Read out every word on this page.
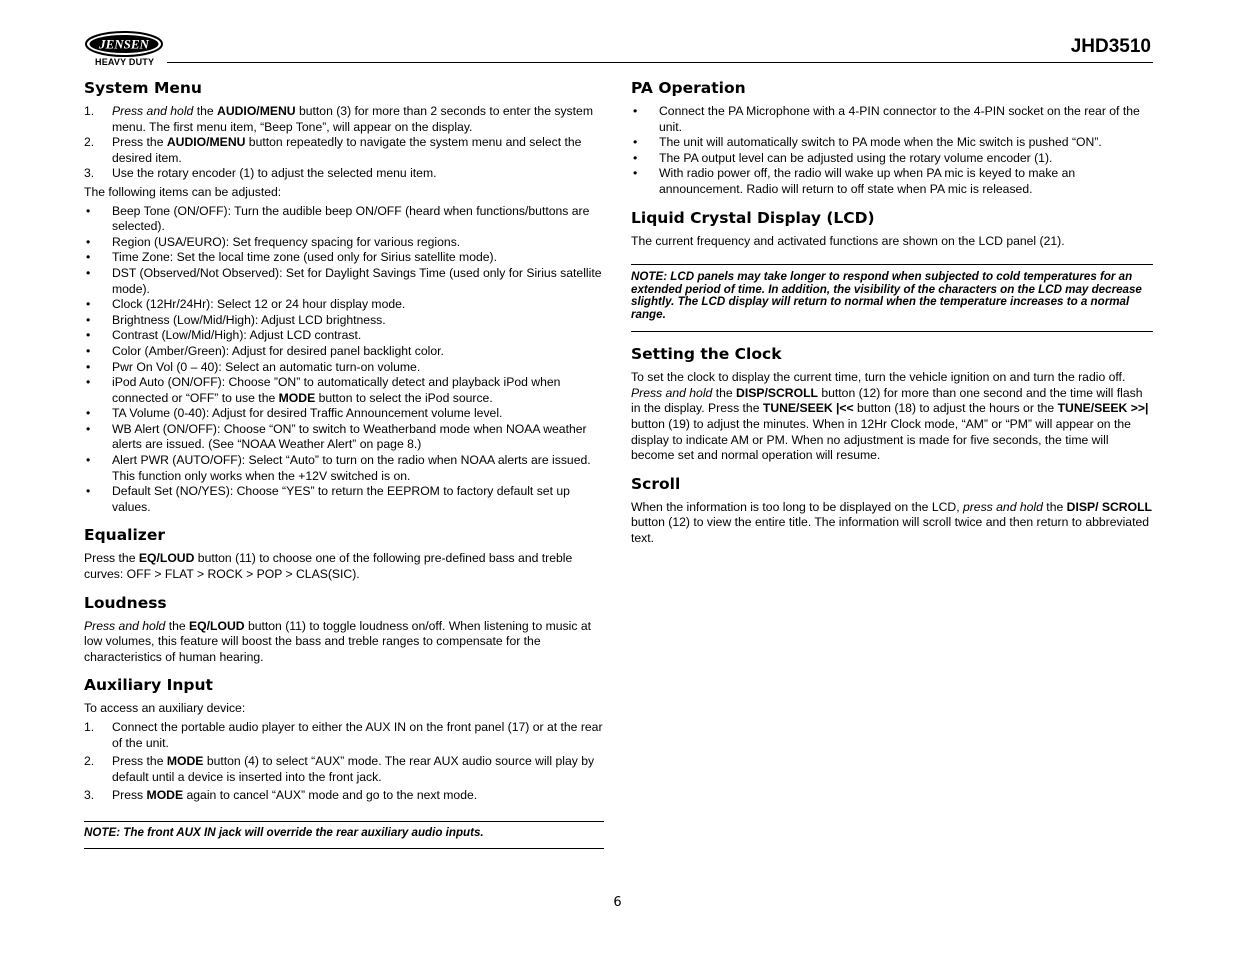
JENSEN
HEAVY DUTY
JHD3510
System Menu
1. Press and hold the AUDIO/MENU button (3) for more than 2 seconds to enter the system menu. The first menu item, “Beep Tone”, will appear on the display.
2. Press the AUDIO/MENU button repeatedly to navigate the system menu and select the desired item.
3. Use the rotary encoder (1) to adjust the selected menu item.

The following items can be adjusted:

• Beep Tone (ON/OFF): Turn the audible beep ON/OFF (heard when functions/buttons are selected).
• Region (USA/EURO): Set frequency spacing for various regions.
• Time Zone: Set the local time zone (used only for Sirius satellite mode).
• DST (Observed/Not Observed): Set for Daylight Savings Time (used only for Sirius satellite mode).
• Clock (12Hr/24Hr): Select 12 or 24 hour display mode.
• Brightness (Low/Mid/High): Adjust LCD brightness.
• Contrast (Low/Mid/High): Adjust LCD contrast.
• Color (Amber/Green): Adjust for desired panel backlight color.
• Pwr On Vol (0 – 40): Select an automatic turn-on volume.
• iPod Auto (ON/OFF): Choose ”ON” to automatically detect and playback iPod when connected or “OFF” to use the MODE button to select the iPod source.
• TA Volume (0-40): Adjust for desired Traffic Announcement volume level.
• WB Alert (ON/OFF): Choose “ON” to switch to Weatherband mode when NOAA weather alerts are issued. (See “NOAA Weather Alert” on page 8.)
• Alert PWR (AUTO/OFF): Select “Auto” to turn on the radio when NOAA alerts are issued. This function only works when the +12V switched is on.
• Default Set (NO/YES): Choose “YES” to return the EEPROM to factory default set up values.
Equalizer

Press the EQ/LOUD button (11) to choose one of the following pre-defined bass and treble curves: OFF > FLAT > ROCK > POP > CLAS(SIC).

Loudness

Press and hold the EQ/LOUD button (11) to toggle loudness on/off. When listening to music at low volumes, this feature will boost the bass and treble ranges to compensate for the characteristics of human hearing.

Auxiliary Input

To access an auxiliary device:

1. Connect the portable audio player to either the AUX IN on the front panel (17) or at the rear of the unit.
2. Press the MODE button (4) to select “AUX” mode. The rear AUX audio source will play by default until a device is inserted into the front jack.
3. Press MODE again to cancel “AUX” mode and go to the next mode.
NOTE: The front AUX IN jack will override the rear auxiliary audio inputs.
PA Operation
• Connect the PA Microphone with a 4-PIN connector to the 4-PIN socket on the rear of the unit.
• The unit will automatically switch to PA mode when the Mic switch is pushed “ON”.
• The PA output level can be adjusted using the rotary volume encoder (1).
• With radio power off, the radio will wake up when PA mic is keyed to make an announcement. Radio will return to off state when PA mic is released.
Liquid Crystal Display (LCD)

The current frequency and activated functions are shown on the LCD panel (21).

NOTE: LCD panels may take longer to respond when subjected to cold temperatures for an extended period of time. In addition, the visibility of the characters on the LCD may decrease slightly. The LCD display will return to normal when the temperature increases to a normal range.
Setting the Clock

To set the clock to display the current time, turn the vehicle ignition on and turn the radio off.

Press and hold the DISP/SCROLL button (12) for more than one second and the time will flash in the display. Press the TUNE/SEEK |<< button (18) to adjust the hours or the TUNE/SEEK >>| button (19) to adjust the minutes. When in 12Hr Clock mode, “AM” or “PM” will appear on the display to indicate AM or PM. When no adjustment is made for five seconds, the time will become set and normal operation will resume.

Scroll

When the information is too long to be displayed on the LCD, press and hold the DISP/ SCROLL button (12) to view the entire title. The information will scroll twice and then return to abbreviated text.

6
